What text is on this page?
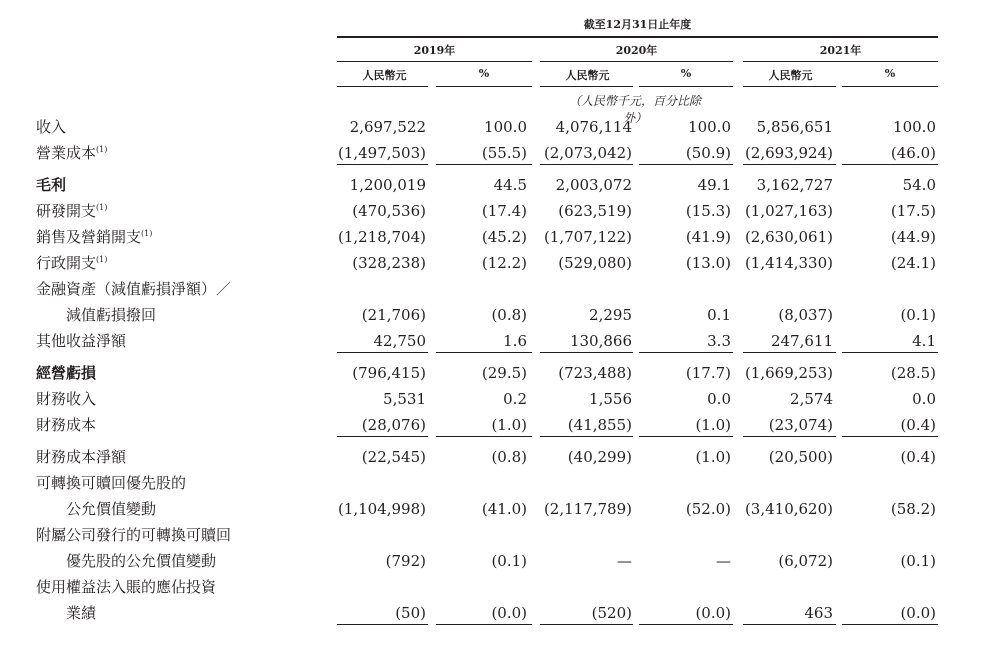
截至12月31日止年度
2019年	2020年	2021年
人民幣元	%	人民幣元	%	人民幣元	%
（人民幣千元，百分比除外）
收入	2,697,522	100.0	4,076,114	100.0	5,856,651	100.0
營業成本$^{(1)}$	(1,497,503)	(55.5)	(2,073,042)	(50.9) (2,693,924)	(46.0)
毛利	1,200,019	44.5	2,003,072	49.1	3,162,727	54.0
研發開支$^{(1)}$	(470,536)	(17.4)	(623,519)	(15.3) (1,027,163)	(17.5)
銷售及營銷開支$^{(1)}$	(1,218,704)	(45.2)	(1,707,122)	(41.9) (2,630,061)	(44.9)
行政開支$^{(1)}$	(328,238)	(12.2)	(529,080)	(13.0) (1,414,330)	(24.1)
金融資產（減值虧損淨額）／
減值虧損撥回	(21,706)	(0.8)	2,295	0.1	(8,037)	(0.1)
其他收益淨額	42,750	1.6	130,866	3.3	247,611	4.1
經營虧損	(796,415)	(29.5)	(723,488)	(17.7) (1,669,253)	(28.5)
財務收入	5,531	0.2	1,556	0.0	2,574	0.0
財務成本	(28,076)	(1.0)	(41,855)	(1.0)	(23,074)	(0.4)
財務成本淨額	(22,545)	(0.8)	(40,299)	(1.0)	(20,500)	(0.4)
可轉換可贖回優先股的
公允價值變動	(1,104,998)	(41.0)	(2,117,789)	(52.0) (3,410,620)	(58.2)
附屬公司發行的可轉換可贖回
優先股的公允價值變動	(792)	(0.1)	—	—	(6,072)	(0.1)
使用權益法入賬的應佔投資
業績	(50)	(0.0)	(520)	(0.0)	463	(0.0)
